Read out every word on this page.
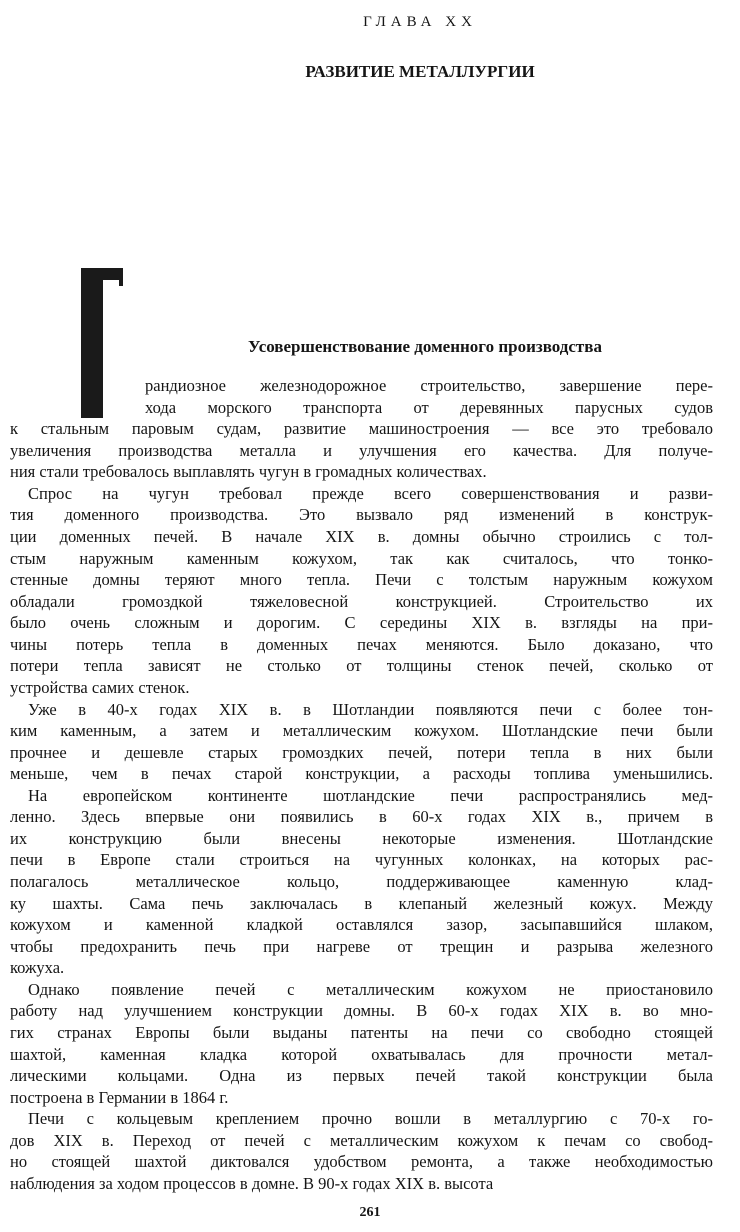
ГЛАВА XX
РАЗВИТИЕ МЕТАЛЛУРГИИ
Усовершенствование доменного производства
рандиозное железнодорожное строительство, завершение пере-
хода морского транспорта от деревянных парусных судов
к стальным паровым судам, развитие машиностроения — все это требовало
увеличения производства металла и улучшения его качества. Для получе-
ния стали требовалось выплавлять чугун в громадных количествах.
Спрос на чугун требовал прежде всего совершенствования и разви-
тия доменного производства. Это вызвало ряд изменений в конструк-
ции доменных печей. В начале XIX в. домны обычно строились с тол-
стым наружным каменным кожухом, так как считалось, что тонко-
стенные домны теряют много тепла. Печи с толстым наружным кожухом
обладали громоздкой тяжеловесной конструкцией. Строительство их
было очень сложным и дорогим. С середины XIX в. взгляды на при-
чины потерь тепла в доменных печах меняются. Было доказано, что
потери тепла зависят не столько от толщины стенок печей, сколько от
устройства самих стенок.
Уже в 40-х годах XIX в. в Шотландии появляются печи с более тон-
ким каменным, а затем и металлическим кожухом. Шотландские печи были
прочнее и дешевле старых громоздких печей, потери тепла в них были
меньше, чем в печах старой конструкции, а расходы топлива уменьшились.
На европейском континенте шотландские печи распространялись мед-
ленно. Здесь впервые они появились в 60-х годах XIX в., причем в
их конструкцию были внесены некоторые изменения. Шотландские
печи в Европе стали строиться на чугунных колонках, на которых рас-
полагалось металлическое кольцо, поддерживающее каменную клад-
ку шахты. Сама печь заключалась в клепаный железный кожух. Между
кожухом и каменной кладкой оставлялся зазор, засыпавшийся шлаком,
чтобы предохранить печь при нагреве от трещин и разрыва железного
кожуха.
Однако появление печей с металлическим кожухом не приостановило
работу над улучшением конструкции домны. В 60-х годах XIX в. во мно-
гих странах Европы были выданы патенты на печи со свободно стоящей
шахтой, каменная кладка которой охватывалась для прочности метал-
лическими кольцами. Одна из первых печей такой конструкции была
построена в Германии в 1864 г.
Печи с кольцевым креплением прочно вошли в металлургию с 70-х го-
дов XIX в. Переход от печей с металлическим кожухом к печам со свобод-
но стоящей шахтой диктовался удобством ремонта, а также необходимостью
наблюдения за ходом процессов в домне. В 90-х годах XIX в. высота
261
